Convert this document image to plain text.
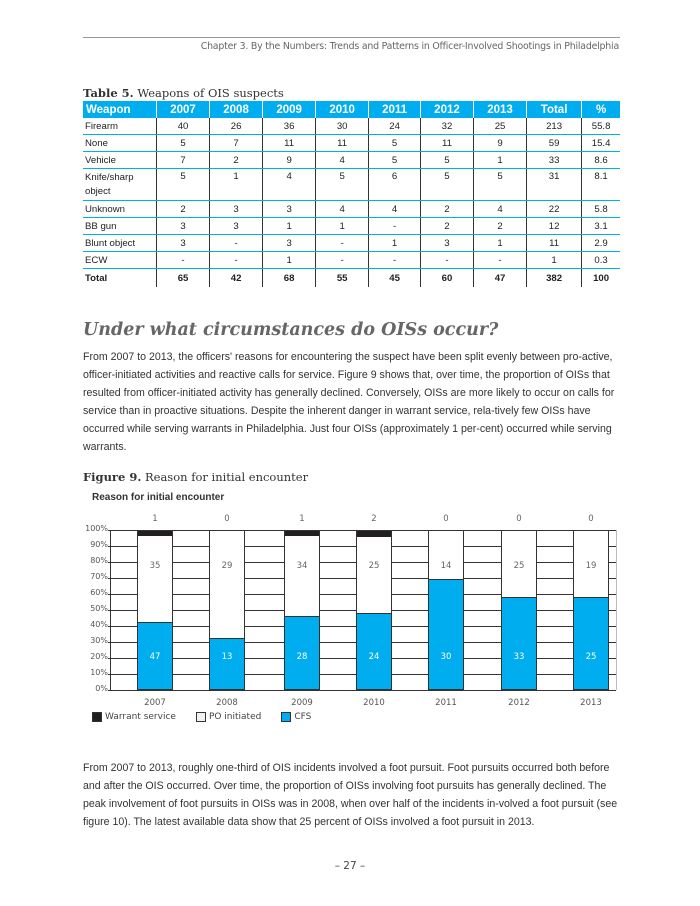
Chapter 3. By the Numbers: Trends and Patterns in Officer-Involved Shootings in Philadelphia
Table 5. Weapons of OIS suspects
Weapon	2007	2008	2009	2010	2011	2012	2013	Total	%
Firearm	40	26	36	30	24	32	25	213	55.8
None	5	7	11	11	5	11	9	59	15.4
Vehicle	7	2	9	4	5	5	1	33	8.6
Knife/sharp object	5	1	4	5	6	5	5	31	8.1
Unknown	2	3	3	4	4	2	4	22	5.8
BB gun	3	3	1	1	-	2	2	12	3.1
Blunt object	3	-	3	-	1	3	1	11	2.9
ECW	-	-	1	-	-	-	-	1	0.3
Total	65	42	68	55	45	60	47	382	100
Under what circumstances do OISs occur?
From 2007 to 2013, the officers' reasons for encountering the suspect have been split evenly between pro-active, officer-initiated activities and reactive calls for service. Figure 9 shows that, over time, the proportion of OISs that resulted from officer-initiated activity has generally declined. Conversely, OISs are more likely to occur on calls for service than in proactive situations. Despite the inherent danger in warrant service, rela-tively few OISs have occurred while serving warrants in Philadelphia. Just four OISs (approximately 1 per-cent) occurred while serving warrants.
Figure 9. Reason for initial encounter
Reason for initial encounter
0%
10%
20%
30%
40%
50%
60%
70%
80%
90%
100%
47
35
1
2007
13
29
0
2008
28
34
1
2009
24
25
2
2010
30
14
0
2011
33
25
0
2012
25
19
0
2013
Warrant service	PO initiated	CFS
From 2007 to 2013, roughly one-third of OIS incidents involved a foot pursuit. Foot pursuits occurred both before and after the OIS occurred. Over time, the proportion of OISs involving foot pursuits has generally declined. The peak involvement of foot pursuits in OISs was in 2008, when over half of the incidents in-volved a foot pursuit (see figure 10). The latest available data show that 25 percent of OISs involved a foot pursuit in 2013.
– 27 –
